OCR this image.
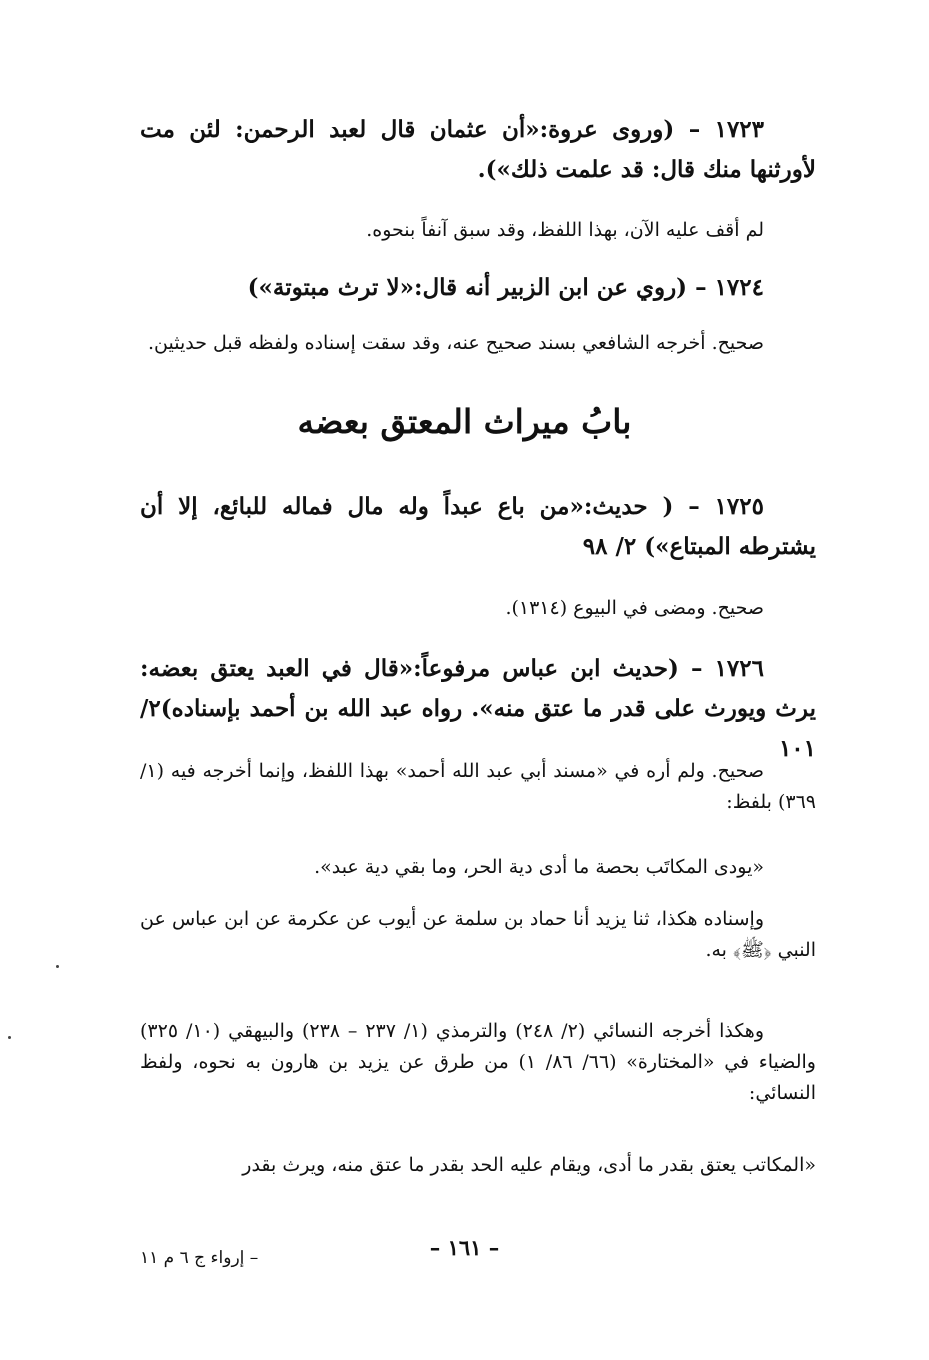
١٧٢٣ – (وروى عروة:«أن عثمان قال لعبد الرحمن: لئن مت لأورثنها منك قال: قد علمت ذلك»).
لم أقف عليه الآن، بهذا اللفظ، وقد سبق آنفاً بنحوه.
١٧٢٤ – (روي عن ابن الزبير أنه قال:«لا ترث مبتوتة»)
صحيح. أخرجه الشافعي بسند صحيح عنه، وقد سقت إسناده ولفظه قبل حديثين.
بابُ ميراث المعتق بعضه
١٧٢٥ – ( حديث:«من باع عبداً وله مال فماله للبائع، إلا أن يشترطه المبتاع») ٢/ ٩٨
صحيح. ومضى في البيوع (١٣١٤).
١٧٢٦ – (حديث ابن عباس مرفوعاً:«قال في العبد يعتق بعضه: يرث ويورث على قدر ما عتق منه». رواه عبد الله بن أحمد بإسناده)٢/ ١٠١
صحيح. ولم أره في «مسند أبي عبد الله أحمد» بهذا اللفظ، وإنما أخرجه فيه (١/ ٣٦٩) بلفظ:
«يودى المكاتَب بحصة ما أدى دية الحر، وما بقي دية عبد».
وإسناده هكذا، ثنا يزيد أنا حماد بن سلمة عن أيوب عن عكرمة عن ابن عباس عن النبي ﴿ﷺ﴾ به.
وهكذا أخرجه النسائي (٢/ ٢٤٨) والترمذي (١/ ٢٣٧ – ٢٣٨) والبيهقي (١٠/ ٣٢٥) والضياء في «المختارة» (٦٦/ ٨٦/ ١) من طرق عن يزيد بن هارون به نحوه، ولفظ النسائي:
«المكاتب يعتق بقدر ما أدى، ويقام عليه الحد بقدر ما عتق منه، ويرث بقدر
– ١٦١ –
– إرواء ج ٦ م ١١
